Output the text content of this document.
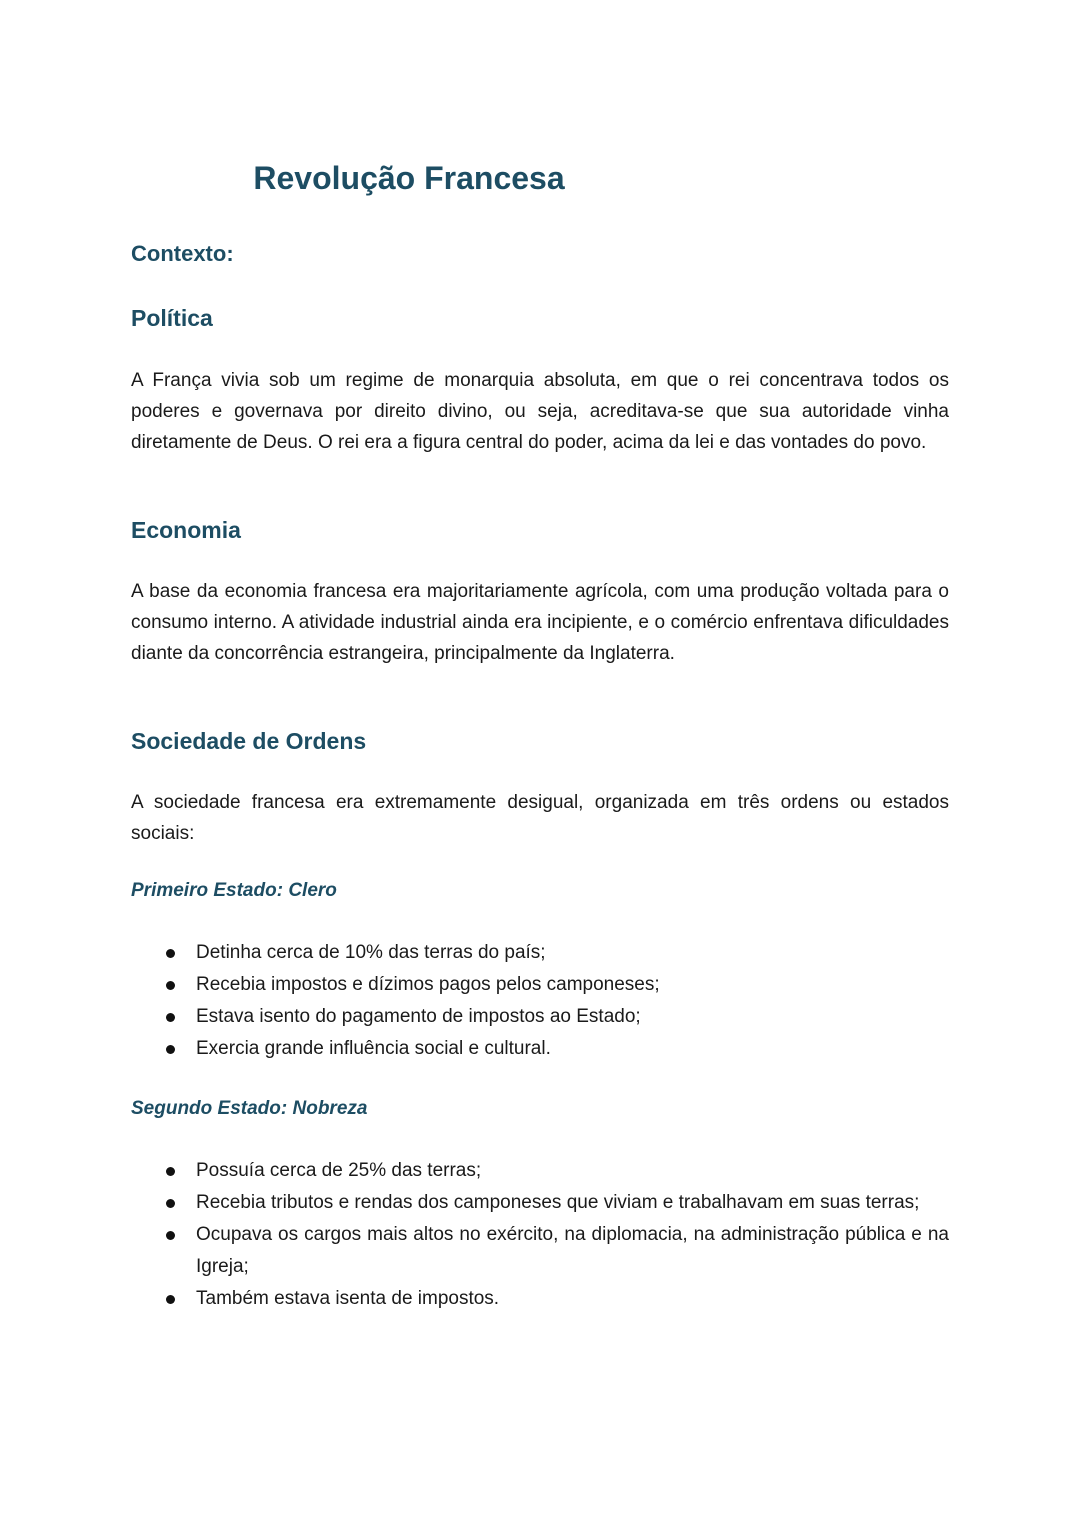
Revolução Francesa
Contexto:
Política

A França vivia sob um regime de monarquia absoluta, em que o rei concentrava todos os poderes e governava por direito divino, ou seja, acreditava-se que sua autoridade vinha diretamente de Deus. O rei era a figura central do poder, acima da lei e das vontades do povo.

Economia

A base da economia francesa era majoritariamente agrícola, com uma produção voltada para o consumo interno. A atividade industrial ainda era incipiente, e o comércio enfrentava dificuldades diante da concorrência estrangeira, principalmente da Inglaterra.

Sociedade de Ordens

A sociedade francesa era extremamente desigual, organizada em três ordens ou estados sociais:

Primeiro Estado: Clero
Detinha cerca de 10% das terras do país;
Recebia impostos e dízimos pagos pelos camponeses;
Estava isento do pagamento de impostos ao Estado;
Exercia grande influência social e cultural.
Segundo Estado: Nobreza
Possuía cerca de 25% das terras;
Recebia tributos e rendas dos camponeses que viviam e trabalhavam em suas terras;
Ocupava os cargos mais altos no exército, na diplomacia, na administração pública e na Igreja;
Também estava isenta de impostos.
